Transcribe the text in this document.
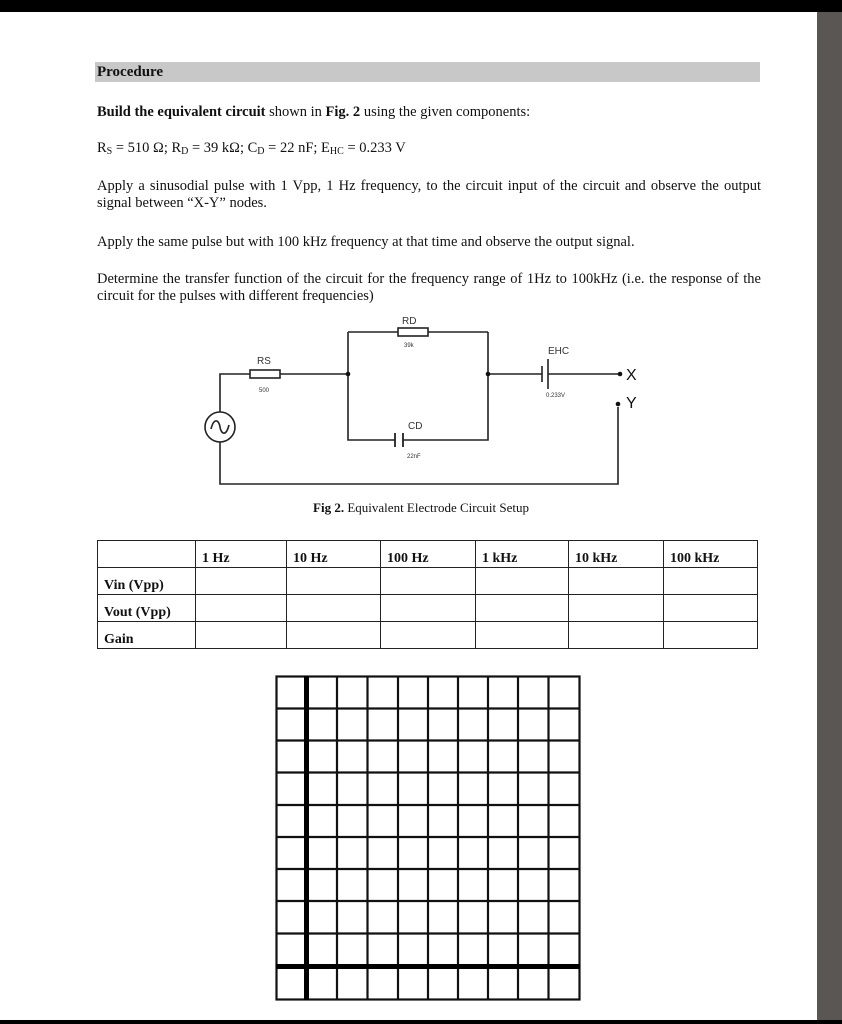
Procedure
Build the equivalent circuit shown in Fig. 2 using the given components:
$R_S = 510$ Ω; $R_D = 39$ kΩ; $C_D = 22$ nF; $E_{HC} = 0.233$ V
Apply a sinusodial pulse with 1 Vpp, 1 Hz frequency, to the circuit input of the circuit and observe the output signal between “X-Y” nodes.
Apply the same pulse but with 100 kHz frequency at that time and observe the output signal.
Determine the transfer function of the circuit for the frequency range of 1Hz to 100kHz (i.e. the response of the circuit for the pulses with different frequencies)
RS
500
RD
39k
CD
22nF
EHC
0.233V
X
Y
Fig 2. Equivalent Electrode Circuit Setup
	1 Hz	10 Hz	100 Hz	1 kHz	10 kHz	100 kHz
Vin (Vpp)						
Vout (Vpp)						
Gain						
